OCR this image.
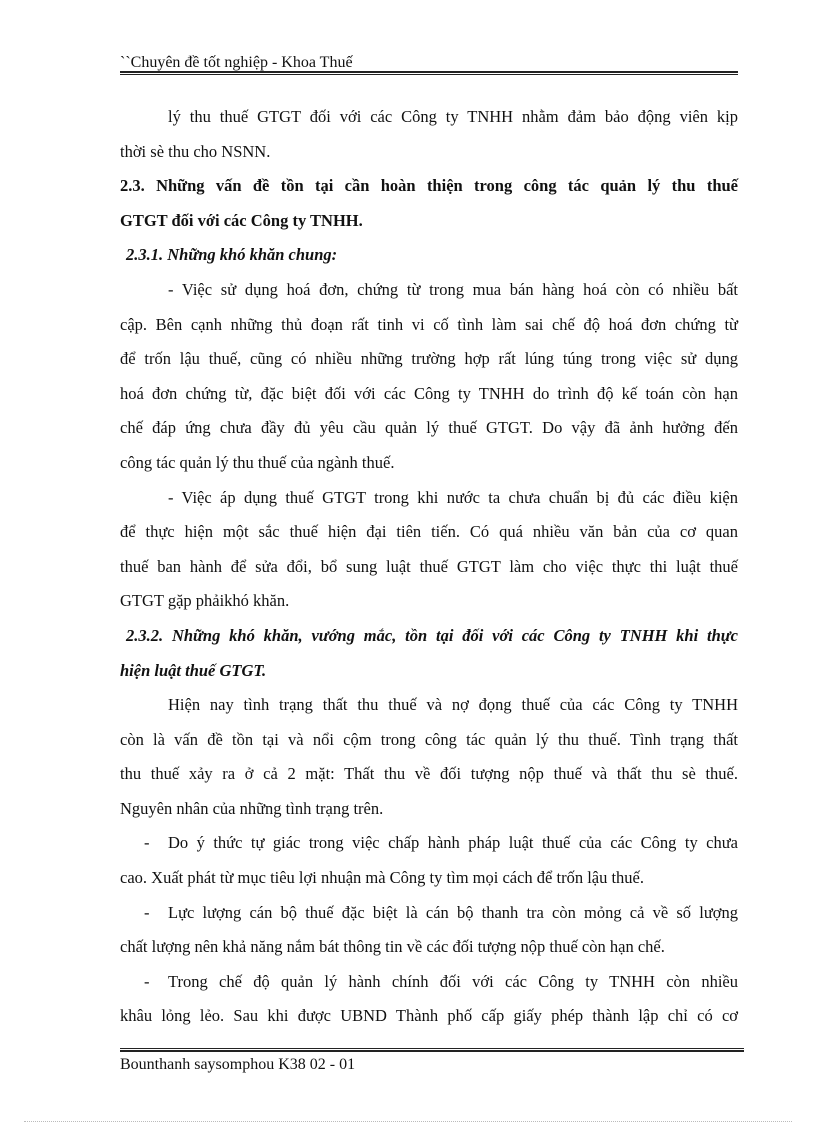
``Chuyên đề tốt nghiệp - Khoa Thuế

lý thu thuế GTGT đối với các Công ty TNHH nhằm đảm bảo động viên kịp

thời sè thu cho NSNN.

2.3. Những vấn đề tồn tại cần hoàn thiện trong công tác quản lý thu thuế

GTGT đối với các Công ty TNHH.

2.3.1. Những khó khăn chung:

- Việc sử dụng hoá đơn, chứng từ trong mua bán hàng hoá còn có nhiều bất

cập. Bên cạnh những thủ đoạn rất tinh vi cố tình làm sai chế độ hoá đơn chứng từ

để trốn lậu thuế, cũng có nhiều những trường hợp rất lúng túng trong việc sử dụng

hoá đơn chứng từ, đặc biệt đối với các Công ty TNHH do trình độ kế toán còn hạn

chế đáp ứng chưa đầy đủ yêu cầu quản lý thuế GTGT. Do vậy đã ảnh hưởng đến

công tác quản lý thu thuế của ngành thuế.

- Việc áp dụng thuế GTGT trong khi nước ta chưa chuẩn bị đủ các điều kiện

để thực hiện một sắc thuế hiện đại tiên tiến. Có quá nhiều văn bản của cơ quan

thuế ban hành để sửa đổi, bổ sung luật thuế GTGT làm cho việc thực thi luật thuế

GTGT gặp phảikhó khăn.

2.3.2. Những khó khăn, vướng mắc, tồn tại đối với các Công ty TNHH khi thực

hiện luật thuế GTGT.

Hiện nay tình trạng thất thu thuế và nợ đọng thuế của các Công ty TNHH

còn là vấn đề tồn tại và nổi cộm trong công tác quản lý thu thuế. Tình trạng thất

thu thuế xảy ra ở cả 2 mặt: Thất thu về đối tượng nộp thuế và thất thu sè thuế.

Nguyên nhân của những tình trạng trên.

- Do ý thức tự giác trong việc chấp hành pháp luật thuế của các Công ty chưa

cao. Xuất phát từ mục tiêu lợi nhuận mà Công ty tìm mọi cách để trốn lậu thuế.

- Lực lượng cán bộ thuế đặc biệt là cán bộ thanh tra còn mỏng cả về số lượng

chất lượng nên khả năng nắm bát thông tin về các đối tượng nộp thuế còn hạn chế.

- Trong chế độ quản lý hành chính đối với các Công ty TNHH còn nhiều

khâu lỏng lẻo. Sau khi được UBND Thành phố cấp giấy phép thành lập chỉ có cơ

Bounthanh saysomphou K38 02 - 01
